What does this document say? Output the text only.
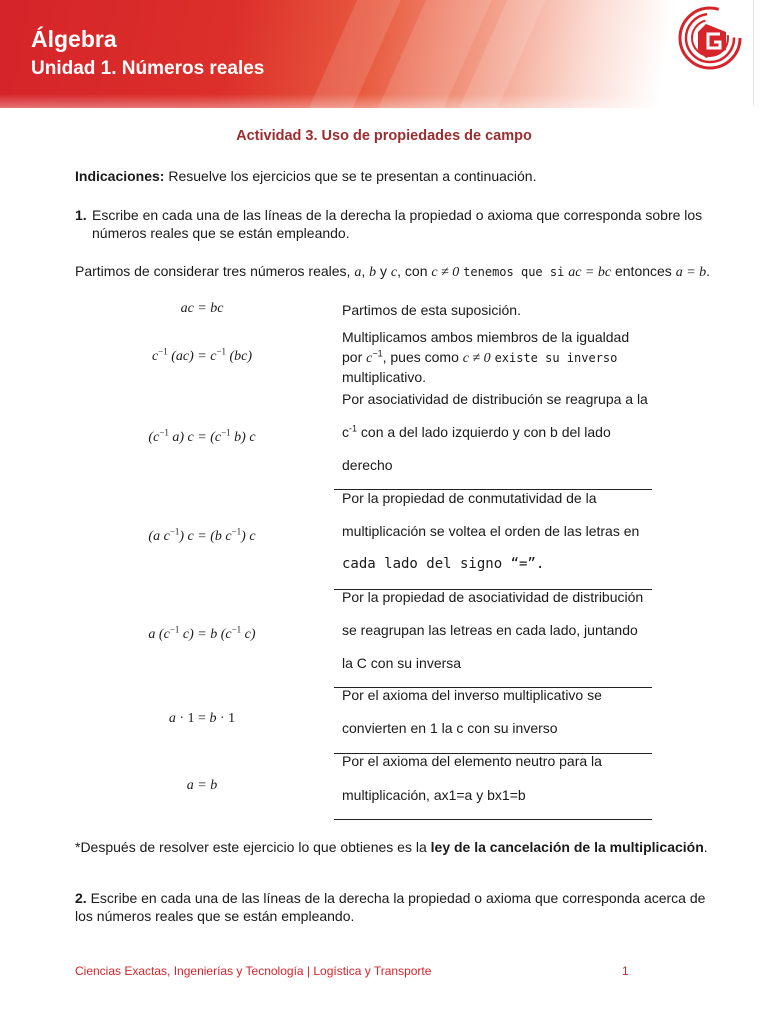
Álgebra
Unidad 1. Números reales
Actividad 3. Uso de propiedades de campo
Indicaciones: Resuelve los ejercicios que se te presentan a continuación.
1. Escribe en cada una de las líneas de la derecha la propiedad o axioma que corresponda sobre los
números reales que se están empleando.
Partimos de considerar tres números reales, a, b y c, con c ≠ 0 tenemos que si ac = bc entonces a = b.
ac = bc	Partimos de esta suposición.
$c^{-1}$ $(ac) = c^{-1}$ (bc)
Multiplicamos ambos miembros de la igualdad
por $c^{-1}$, pues como c ≠ 0 existe su inverso
multiplicativo.
($c^{-1}$ a) $c = (c^{-1}$ b) c
Por asociatividad de distribución se reagrupa a la
$c^{-1}$ con a del lado izquierdo y con b del lado
derecho
(a $c^{-1}$) c = (b $c^{-1}$) c
Por la propiedad de conmutatividad de la
multiplicación se voltea el orden de las letras en
cada lado del signo “=”.
a ($c^{-1}$ c) = b ($c^{-1}$ c)
Por la propiedad de asociatividad de distribución
se reagrupan las letreas en cada lado, juntando
la C con su inversa
a · 1 = b · 1
Por el axioma del inverso multiplicativo se
convierten en 1 la c con su inverso
a = b
Por el axioma del elemento neutro para la
multiplicación, ax1=a y bx1=b
*Después de resolver este ejercicio lo que obtienes es la ley de la cancelación de la multiplicación.
2. Escribe en cada una de las líneas de la derecha la propiedad o axioma que corresponda acerca de
los números reales que se están empleando.
Ciencias Exactas, Ingenierías y Tecnología | Logística y Transporte	1
